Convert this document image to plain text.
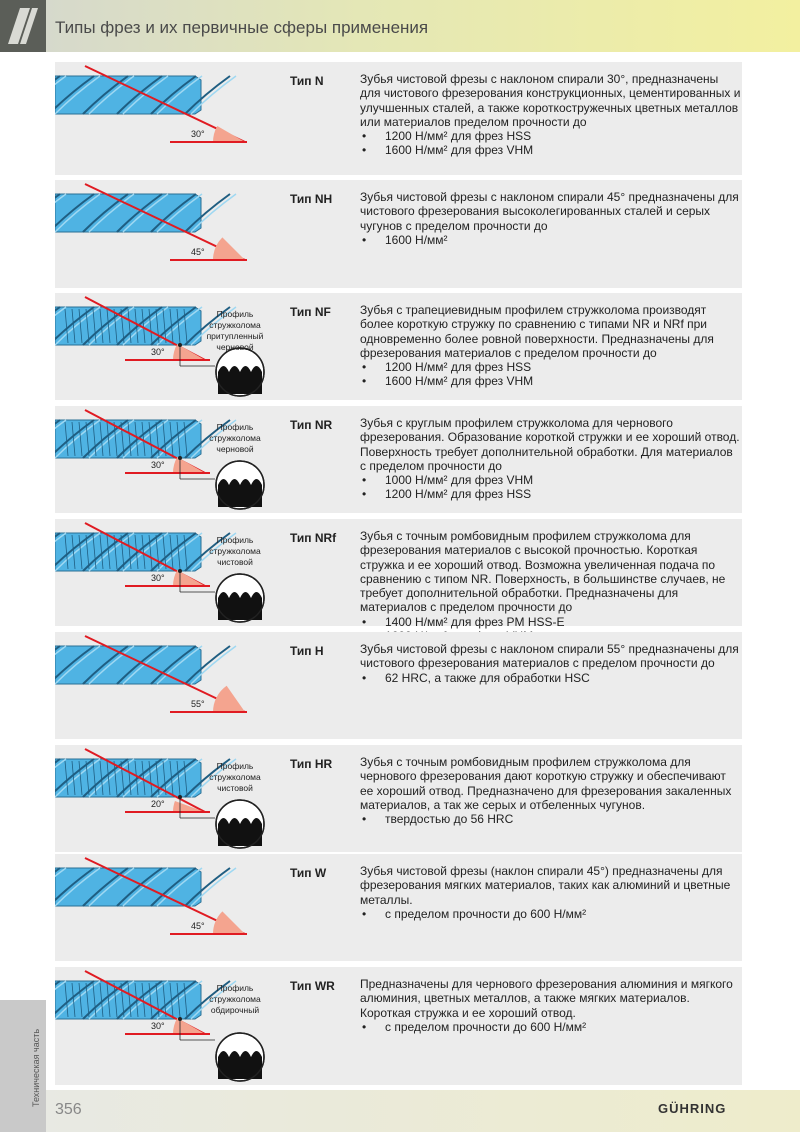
Типы фрез и их первичные сферы применения
30°
Тип N	Зубья чистовой фрезы с наклоном спирали 30°, предназначены для чистового фрезерования конструкционных, цементированных и улучшенных сталей, а также короткостружечных цветных металлов или материалов пределом прочности до

• 1200 Н/мм² для фрез HSS
• 1600 Н/мм² для фрез VHM
45°
Тип NH Зубья чистовой фрезы с наклоном спирали 45° предназначены для чистового фрезерования высоколегированных сталей и серых чугунов с пределом прочности до

• 1600 Н/мм²
30°
Профиль стружколома притупленный черновой
Тип NF Зубья с трапециевидным профилем стружколома производят более короткую стружку по сравнению с типами NR и NRf при одновременно более ровной поверхности. Предназначены для фрезерования материалов с пределом прочности до

• 1200 Н/мм² для фрез HSS
• 1600 Н/мм² для фрез VHM
30°
Профиль стружколома черновой
Тип NR Зубья с круглым профилем стружколома для чернового фрезерования. Образование короткой стружки и ее хороший отвод. Поверхность требует дополнительной обработки. Для материалов с пределом прочности до

• 1000 Н/мм² для фрез VHM
• 1200 Н/мм² для фрез HSS
30°
Профиль стружколома чистовой
Тип NRf Зубья с точным ромбовидным профилем стружколома для фрезерования материалов с высокой прочностью. Короткая стружка и ее хороший отвод. Возможна увеличенная подача по сравнению с типом NR. Поверхность, в большинстве случаев, не требует дополнительной обработки. Предназначены для материалов с пределом прочности до

• 1400 Н/мм² для фрез PM HSS-E
•
55°
Тип H	Зубья чистовой фрезы с наклоном спирали 55° предназначены для чистового фрезерования материалов с пределом прочности до

• 62 HRC, а также для обработки HSC
20°
Профиль стружколома чистовой
Тип HR Зубья с точным ромбовидным профилем стружколома для чернового фрезерования дают короткую стружку и обеспечивают ее хороший отвод. Предназначено для фрезерования закаленных материалов, а так же серых и отбеленных чугунов.

• твердостью до 56 HRC
45°
Тип W	Зубья чистовой фрезы (наклон спирали 45°) предназначены для фрезерования мягких материалов, таких как алюминий и цветные металлы.

• с пределом прочности до 600 Н/мм²
30°
Профиль стружколома обдирочный
Тип WR Предназначены для чернового фрезерования алюминия и мягкого алюминия, цветных металлов, а также мягких материалов. Короткая стружка и ее хороший отвод.

• с пределом прочности до 600 Н/мм²
Техническая часть
356	GÜHRING
